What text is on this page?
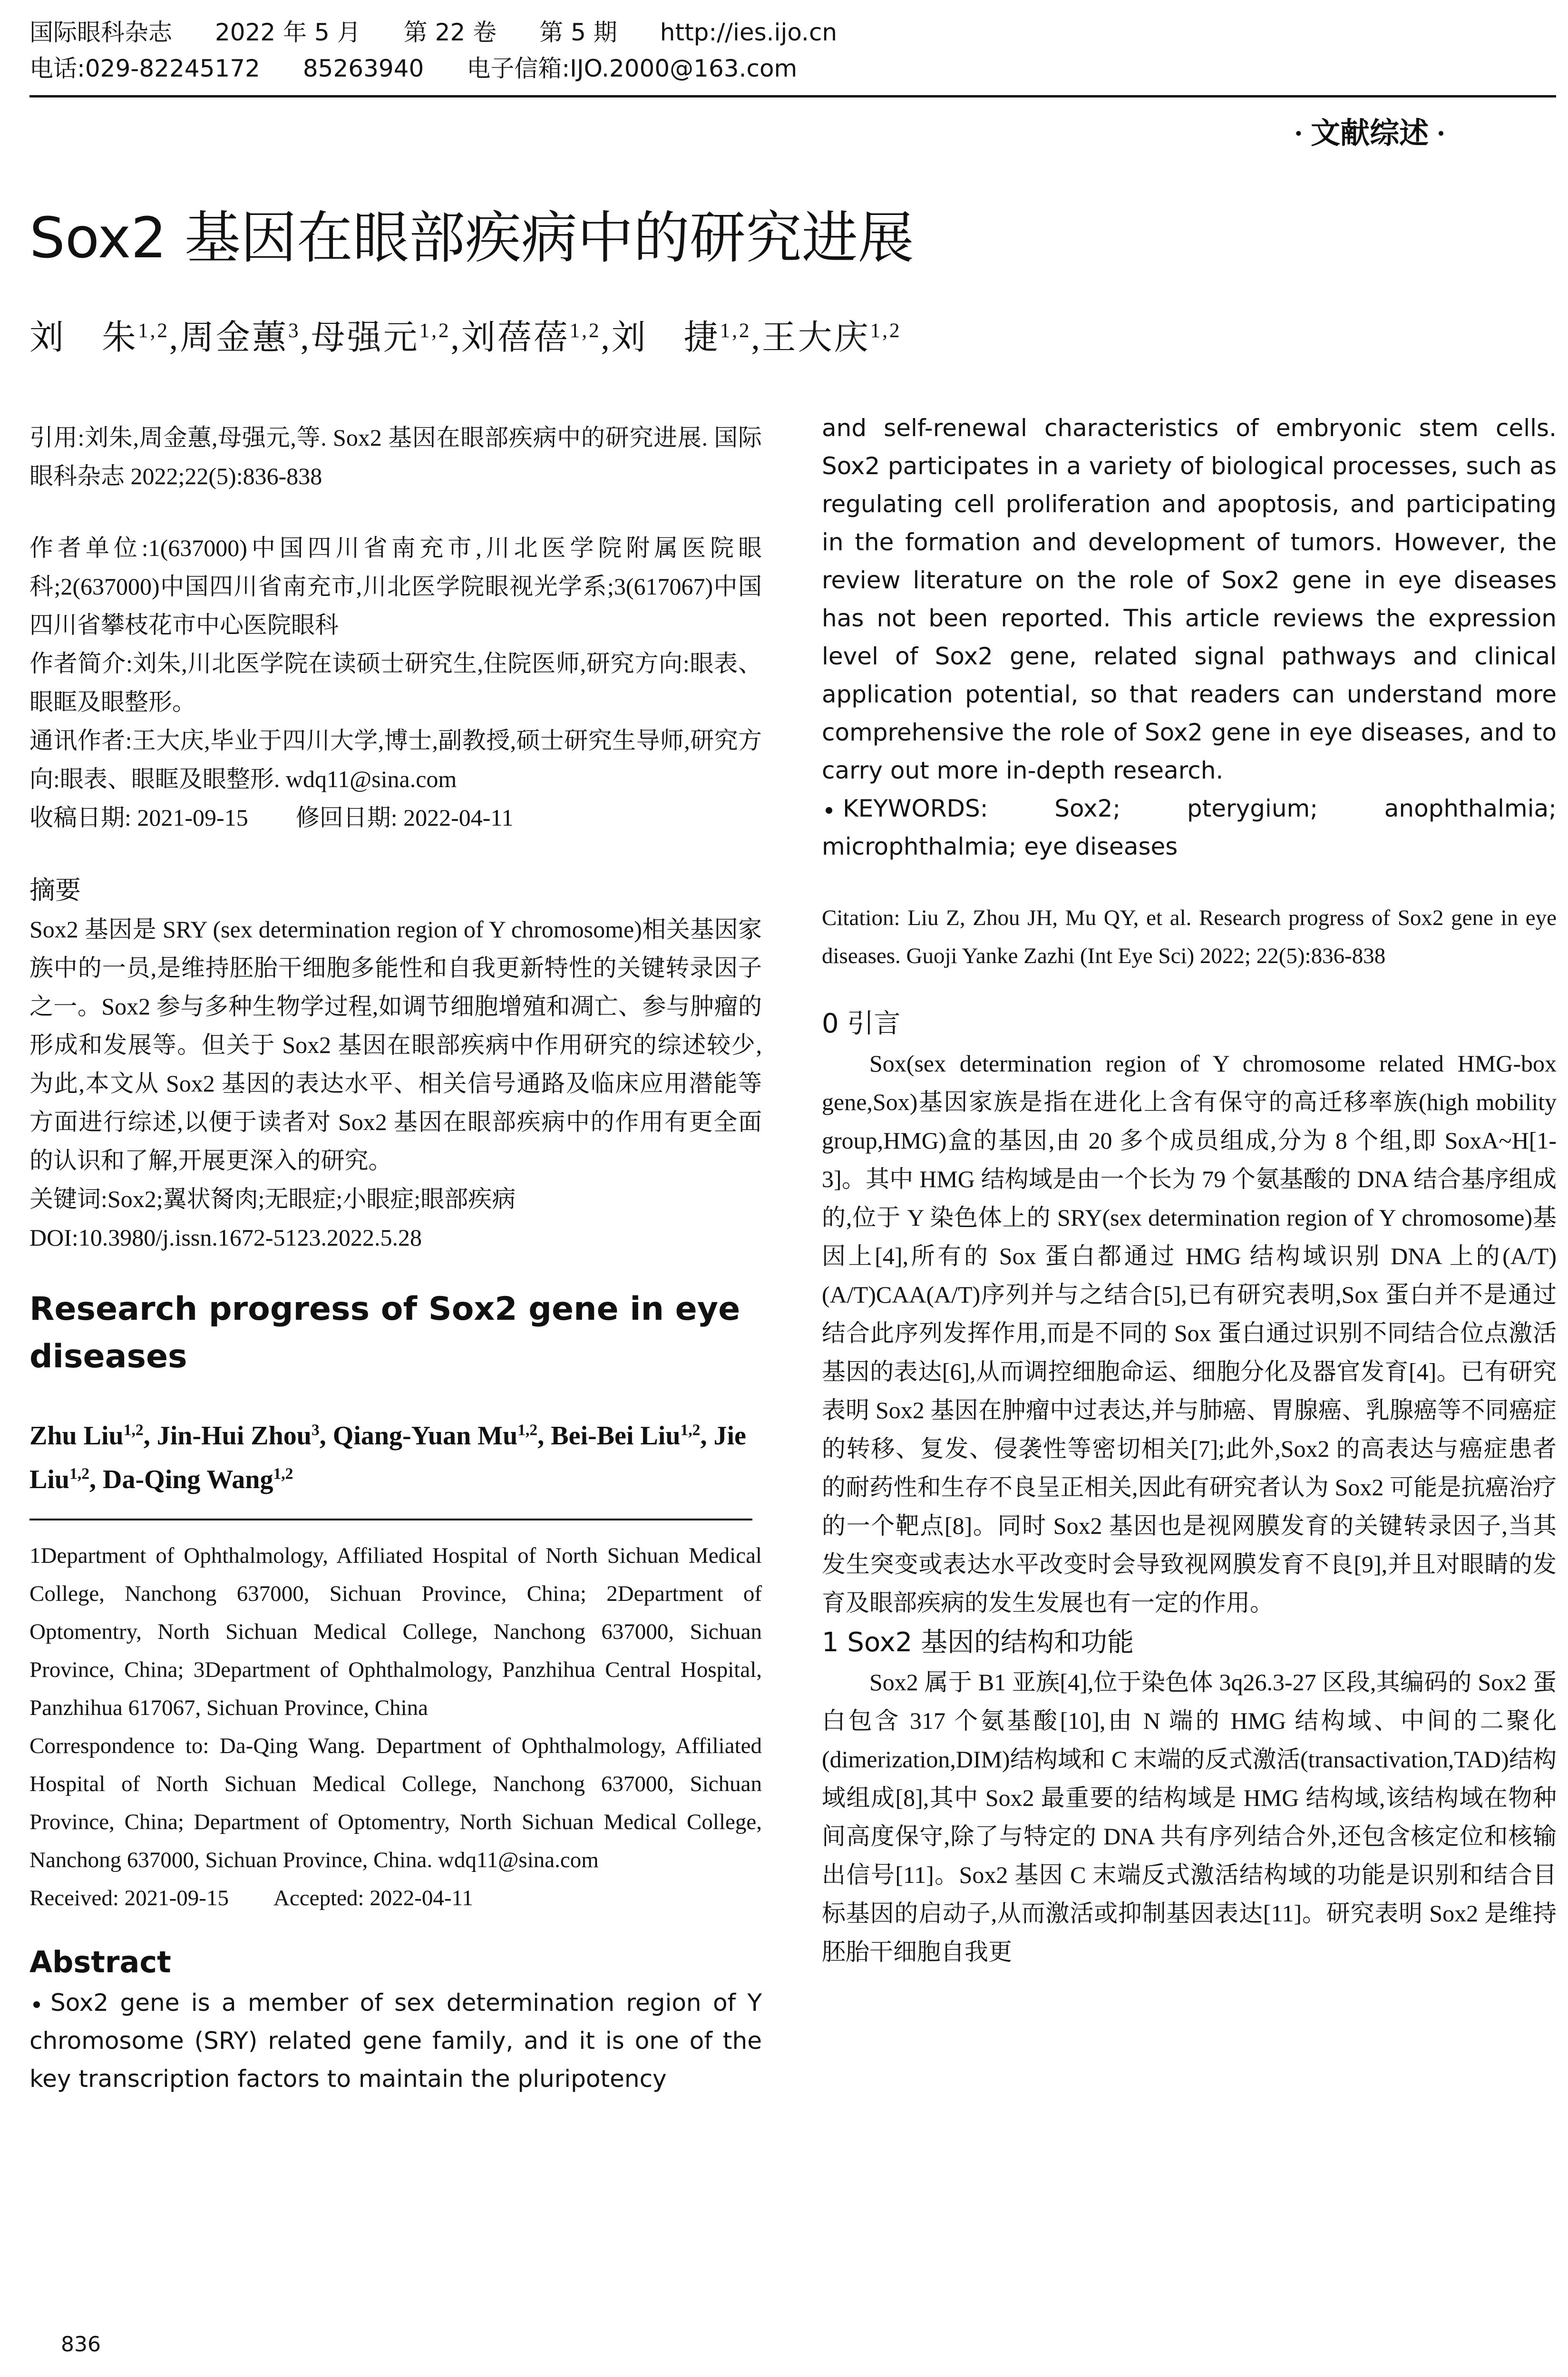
国际眼科杂志 2022 年 5 月 第 22 卷 第 5 期 http://ies.ijo.cn
电话:029-82245172 85263940 电子信箱:IJO.2000@163.com
· 文献综述 ·
Sox2 基因在眼部疾病中的研究进展
刘　朱$^{1,2}$,周金蕙$^3$,母强元$^{1,2}$,刘蓓蓓$^{1,2}$,刘　捷$^{1,2}$,王大庆$^{1,2}$

引用:刘朱,周金蕙,母强元,等. Sox2 基因在眼部疾病中的研究进展. 国际眼科杂志 2022;22(5):836-838

作者单位:1(637000)中国四川省南充市,川北医学院附属医院眼科;2(637000)中国四川省南充市,川北医学院眼视光学系;3(617067)中国四川省攀枝花市中心医院眼科

作者简介:刘朱,川北医学院在读硕士研究生,住院医师,研究方向:眼表、眼眶及眼整形。

通讯作者:王大庆,毕业于四川大学,博士,副教授,硕士研究生导师,研究方向:眼表、眼眶及眼整形. wdq11@sina.com

收稿日期: 2021-09-15　　修回日期: 2022-04-11

摘要

Sox2 基因是 SRY (sex determination region of Y chromosome)相关基因家族中的一员,是维持胚胎干细胞多能性和自我更新特性的关键转录因子之一。Sox2 参与多种生物学过程,如调节细胞增殖和凋亡、参与肿瘤的形成和发展等。但关于 Sox2 基因在眼部疾病中作用研究的综述较少,为此,本文从 Sox2 基因的表达水平、相关信号通路及临床应用潜能等方面进行综述,以便于读者对 Sox2 基因在眼部疾病中的作用有更全面的认识和了解,开展更深入的研究。

关键词:Sox2;翼状胬肉;无眼症;小眼症;眼部疾病

DOI:10.3980/j.issn.1672-5123.2022.5.28

Research progress of Sox2 gene in eye diseases
Zhu Liu$^{1,2}$, Jin-Hui Zhou$^3$, Qiang-Yuan Mu$^{1,2}$, Bei-Bei Liu$^{1,2}$, Jie Liu$^{1,2}$, Da-Qing Wang$^{1,2}$

1Department of Ophthalmology, Affiliated Hospital of North Sichuan Medical College, Nanchong 637000, Sichuan Province, China; 2Department of Optomentry, North Sichuan Medical College, Nanchong 637000, Sichuan Province, China; 3Department of Ophthalmology, Panzhihua Central Hospital, Panzhihua 617067, Sichuan Province, China

Correspondence to: Da-Qing Wang. Department of Ophthalmology, Affiliated Hospital of North Sichuan Medical College, Nanchong 637000, Sichuan Province, China; Department of Optomentry, North Sichuan Medical College, Nanchong 637000, Sichuan Province, China. wdq11@sina.com

Received: 2021-09-15　　Accepted: 2022-04-11

Abstract

Sox2 gene is a member of sex determination region of Y chromosome (SRY) related gene family, and it is one of the key transcription factors to maintain the pluripotency

836

and self-renewal characteristics of embryonic stem cells. Sox2 participates in a variety of biological processes, such as regulating cell proliferation and apoptosis, and participating in the formation and development of tumors. However, the review literature on the role of Sox2 gene in eye diseases has not been reported. This article reviews the expression level of Sox2 gene, related signal pathways and clinical application potential, so that readers can understand more comprehensive the role of Sox2 gene in eye diseases, and to carry out more in-depth research.

KEYWORDS: Sox2; pterygium; anophthalmia; microphthalmia; eye diseases

Citation: Liu Z, Zhou JH, Mu QY, et al. Research progress of Sox2 gene in eye diseases. Guoji Yanke Zazhi (Int Eye Sci) 2022; 22(5):836-838

0 引言

Sox(sex determination region of Y chromosome related HMG-box gene,Sox)基因家族是指在进化上含有保守的高迁移率族(high mobility group,HMG)盒的基因,由 20 多个成员组成,分为 8 个组,即 SoxA~H[1-3]。其中 HMG 结构域是由一个长为 79 个氨基酸的 DNA 结合基序组成的,位于 Y 染色体上的 SRY(sex determination region of Y chromosome)基因上[4],所有的 Sox 蛋白都通过 HMG 结构域识别 DNA 上的(A/T)(A/T)CAA(A/T)序列并与之结合[5],已有研究表明,Sox 蛋白并不是通过结合此序列发挥作用,而是不同的 Sox 蛋白通过识别不同结合位点激活基因的表达[6],从而调控细胞命运、细胞分化及器官发育[4]。已有研究表明 Sox2 基因在肿瘤中过表达,并与肺癌、胃腺癌、乳腺癌等不同癌症的转移、复发、侵袭性等密切相关[7];此外,Sox2 的高表达与癌症患者的耐药性和生存不良呈正相关,因此有研究者认为 Sox2 可能是抗癌治疗的一个靶点[8]。同时 Sox2 基因也是视网膜发育的关键转录因子,当其发生突变或表达水平改变时会导致视网膜发育不良[9],并且对眼睛的发育及眼部疾病的发生发展也有一定的作用。

1 Sox2 基因的结构和功能

Sox2 属于 B1 亚族[4],位于染色体 3q26.3-27 区段,其编码的 Sox2 蛋白包含 317 个氨基酸[10],由 N 端的 HMG 结构域、中间的二聚化(dimerization,DIM)结构域和 C 末端的反式激活(transactivation,TAD)结构域组成[8],其中 Sox2 最重要的结构域是 HMG 结构域,该结构域在物种间高度保守,除了与特定的 DNA 共有序列结合外,还包含核定位和核输出信号[11]。Sox2 基因 C 末端反式激活结构域的功能是识别和结合目标基因的启动子,从而激活或抑制基因表达[11]。研究表明 Sox2 是维持胚胎干细胞自我更
